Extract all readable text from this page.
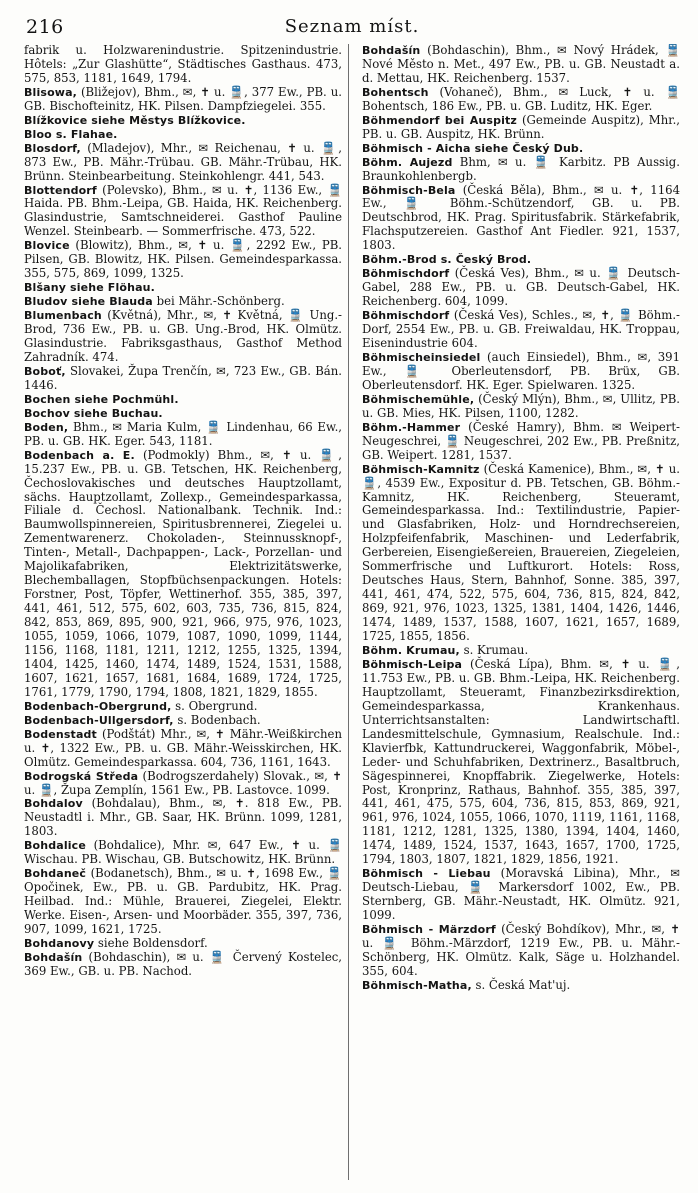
216	Seznam míst.

fabrik u. Holzwarenindustrie. Spitzenindustrie. Hôtels: „Zur Glashütte“, Städtisches Gasthaus. 473, 575, 853, 1181, 1649, 1794.

Blisowa, (Bližejov), Bhm., ✉, ✝ u. 🚆, 377 Ew., PB. u. GB. Bischofteinitz, HK. Pilsen. Dampfziegelei. 355.

Blížkovice siehe Městys Blížkovice.

Bloo s. Flahae.

Blosdorf, (Mladejov), Mhr., ✉ Reichenau, ✝ u. 🚆, 873 Ew., PB. Mähr.-Trübau. GB. Mähr.-Trübau, HK. Brünn. Steinbearbeitung. Steinkohlengr. 441, 543.

Blottendorf (Polevsko), Bhm., ✉ u. ✝, 1136 Ew., 🚆 Haida. PB. Bhm.-Leipa, GB. Haida, HK. Reichenberg. Glasindustrie, Samtschneiderei. Gasthof Pauline Wenzel. Steinbearb. — Sommerfrische. 473, 522.

Blovice (Blowitz), Bhm., ✉, ✝ u. 🚆, 2292 Ew., PB. Pilsen, GB. Blowitz, HK. Pilsen. Gemeindesparkassa. 355, 575, 869, 1099, 1325.

Blšany siehe Flöhau.

Bludov siehe Blauda bei Mähr.-Schönberg.

Blumenbach (Květná), Mhr., ✉, ✝ Květná, 🚆 Ung.-Brod, 736 Ew., PB. u. GB. Ung.-Brod, HK. Olmütz. Glasindustrie. Fabriksgasthaus, Gasthof Method Zahradník. 474.

Boboť, Slovakei, Župa Trenčín, ✉, 723 Ew., GB. Bán. 1446.

Bochen siehe Pochmühl.

Bochov siehe Buchau.

Boden, Bhm., ✉ Maria Kulm, 🚆 Lindenhau, 66 Ew., PB. u. GB. HK. Eger. 543, 1181.

Bodenbach a. E. (Podmokly) Bhm., ✉, ✝ u. 🚆, 15.237 Ew., PB. u. GB. Tetschen, HK. Reichenberg, Čechoslovakisches und deutsches Hauptzollamt, sächs. Hauptzollamt, Zollexp., Gemeindesparkassa, Filiale d. Čechosl. Nationalbank. Technik. Ind.: Baumwollspinnereien, Spiritusbrennerei, Ziegelei u. Zementwarenerz. Chokoladen-, Steinnussknopf-, Tinten-, Metall-, Dachpappen-, Lack-, Porzellan- und Majolikafabriken, Elektrizitätswerke, Blechemballagen, Stopfbüchsenpackungen. Hotels: Forstner, Post, Töpfer, Wettinerhof. 355, 385, 397, 441, 461, 512, 575, 602, 603, 735, 736, 815, 824, 842, 853, 869, 895, 900, 921, 966, 975, 976, 1023, 1055, 1059, 1066, 1079, 1087, 1090, 1099, 1144, 1156, 1168, 1181, 1211, 1212, 1255, 1325, 1394, 1404, 1425, 1460, 1474, 1489, 1524, 1531, 1588, 1607, 1621, 1657, 1681, 1684, 1689, 1724, 1725, 1761, 1779, 1790, 1794, 1808, 1821, 1829, 1855.

Bodenbach-Obergrund, s. Obergrund.

Bodenbach-Ullgersdorf, s. Bodenbach.

Bodenstadt (Podštát) Mhr., ✉, ✝ Mähr.-Weißkirchen u. ✝, 1322 Ew., PB. u. GB. Mähr.-Weisskirchen, HK. Olmütz. Gemeindesparkassa. 604, 736, 1161, 1643.

Bodrogská Středa (Bodrogszerdahely) Slovak., ✉, ✝ u. 🚆, Župa Zemplín, 1561 Ew., PB. Lastovce. 1099.

Bohdalov (Bohdalau), Bhm., ✉, ✝. 818 Ew., PB. Neustadtl i. Mhr., GB. Saar, HK. Brünn. 1099, 1281, 1803.

Bohdalice (Bohdalice), Mhr. ✉, 647 Ew., ✝ u. 🚆 Wischau. PB. Wischau, GB. Butschowitz, HK. Brünn.

Bohdaneč (Bodanetsch), Bhm., ✉ u. ✝, 1698 Ew., 🚆 Opočinek, Ew., PB. u. GB. Pardubitz, HK. Prag. Heilbad. Ind.: Mühle, Brauerei, Ziegelei, Elektr. Werke. Eisen-, Arsen- und Moorbäder. 355, 397, 736, 907, 1099, 1621, 1725.

Bohdanovy siehe Boldensdorf.

Bohdašín (Bohdaschin), ✉ u. 🚆 Červený Kostelec, 369 Ew., GB. u. PB. Nachod.

Bohdašín (Bohdaschin), Bhm., ✉ Nový Hrádek, 🚆 Nové Město n. Met., 497 Ew., PB. u. GB. Neustadt a. d. Mettau, HK. Reichenberg. 1537.

Bohentsch (Vohaneč), Bhm., ✉ Luck, ✝ u. 🚆 Bohentsch, 186 Ew., PB. u. GB. Luditz, HK. Eger.

Böhmendorf bei Auspitz (Gemeinde Auspitz), Mhr., PB. u. GB. Auspitz, HK. Brünn.

Böhmisch - Aicha siehe Český Dub.

Böhm. Aujezd Bhm, ✉ u. 🚆 Karbitz. PB Aussig. Braunkohlenbergb.

Böhmisch-Bela (Česká Běla), Bhm., ✉ u. ✝, 1164 Ew., 🚆 Böhm.-Schützendorf, GB. u. PB. Deutschbrod, HK. Prag. Spiritusfabrik. Stärkefabrik, Flachsputzereien. Gasthof Ant Fiedler. 921, 1537, 1803.

Böhm.-Brod s. Český Brod.

Böhmischdorf (Česká Ves), Bhm., ✉ u. 🚆 Deutsch-Gabel, 288 Ew., PB. u. GB. Deutsch-Gabel, HK. Reichenberg. 604, 1099.

Böhmischdorf (Česká Ves), Schles., ✉, ✝, 🚆 Böhm.-Dorf, 2554 Ew., PB. u. GB. Freiwaldau, HK. Troppau, Eisenindustrie 604.

Böhmischeinsiedel (auch Einsiedel), Bhm., ✉, 391 Ew., 🚆 Oberleutensdorf, PB. Brüx, GB. Oberleutensdorf. HK. Eger. Spielwaren. 1325.

Böhmischemühle, (Český Mlýn), Bhm., ✉, Ullitz, PB. u. GB. Mies, HK. Pilsen, 1100, 1282.

Böhm.-Hammer (České Hamry), Bhm. ✉ Weipert-Neugeschrei, 🚆 Neugeschrei, 202 Ew., PB. Preßnitz, GB. Weipert. 1281, 1537.

Böhmisch-Kamnitz (Česká Kamenice), Bhm., ✉, ✝ u. 🚆, 4539 Ew., Expositur d. PB. Tetschen, GB. Böhm.-Kamnitz, HK. Reichenberg, Steueramt, Gemeindesparkassa. Ind.: Textilindustrie, Papier- und Glasfabriken, Holz- und Horndrechsereien, Holzpfeifenfabrik, Maschinen- und Lederfabrik, Gerbereien, Eisengießereien, Brauereien, Ziegeleien, Sommerfrische und Luftkurort. Hotels: Ross, Deutsches Haus, Stern, Bahnhof, Sonne. 385, 397, 441, 461, 474, 522, 575, 604, 736, 815, 824, 842, 869, 921, 976, 1023, 1325, 1381, 1404, 1426, 1446, 1474, 1489, 1537, 1588, 1607, 1621, 1657, 1689, 1725, 1855, 1856.

Böhm. Krumau, s. Krumau.

Böhmisch-Leipa (Česká Lípa), Bhm. ✉, ✝ u. 🚆, 11.753 Ew., PB. u. GB. Bhm.-Leipa, HK. Reichenberg. Hauptzollamt, Steueramt, Finanzbezirksdirektion, Gemeindesparkassa, Krankenhaus. Unterrichtsanstalten: Landwirtschaftl. Landesmittelschule, Gymnasium, Realschule. Ind.: Klavierfbk, Kattundruckerei, Waggonfabrik, Möbel-, Leder- und Schuhfabriken, Dextrinerz., Basaltbruch, Sägespinnerei, Knopffabrik. Ziegelwerke, Hotels: Post, Kronprinz, Rathaus, Bahnhof. 355, 385, 397, 441, 461, 475, 575, 604, 736, 815, 853, 869, 921, 961, 976, 1024, 1055, 1066, 1070, 1119, 1161, 1168, 1181, 1212, 1281, 1325, 1380, 1394, 1404, 1460, 1474, 1489, 1524, 1537, 1643, 1657, 1700, 1725, 1794, 1803, 1807, 1821, 1829, 1856, 1921.

Böhmisch - Liebau (Moravská Libina), Mhr., ✉ Deutsch-Liebau, 🚆 Markersdorf 1002, Ew., PB. Sternberg, GB. Mähr.-Neustadt, HK. Olmütz. 921, 1099.

Böhmisch - Märzdorf (Český Bohdíkov), Mhr., ✉, ✝ u. 🚆 Böhm.-Märzdorf, 1219 Ew., PB. u. Mähr.-Schönberg, HK. Olmütz. Kalk, Säge u. Holzhandel. 355, 604.

Böhmisch-Matha, s. Česká Mat'uj.
